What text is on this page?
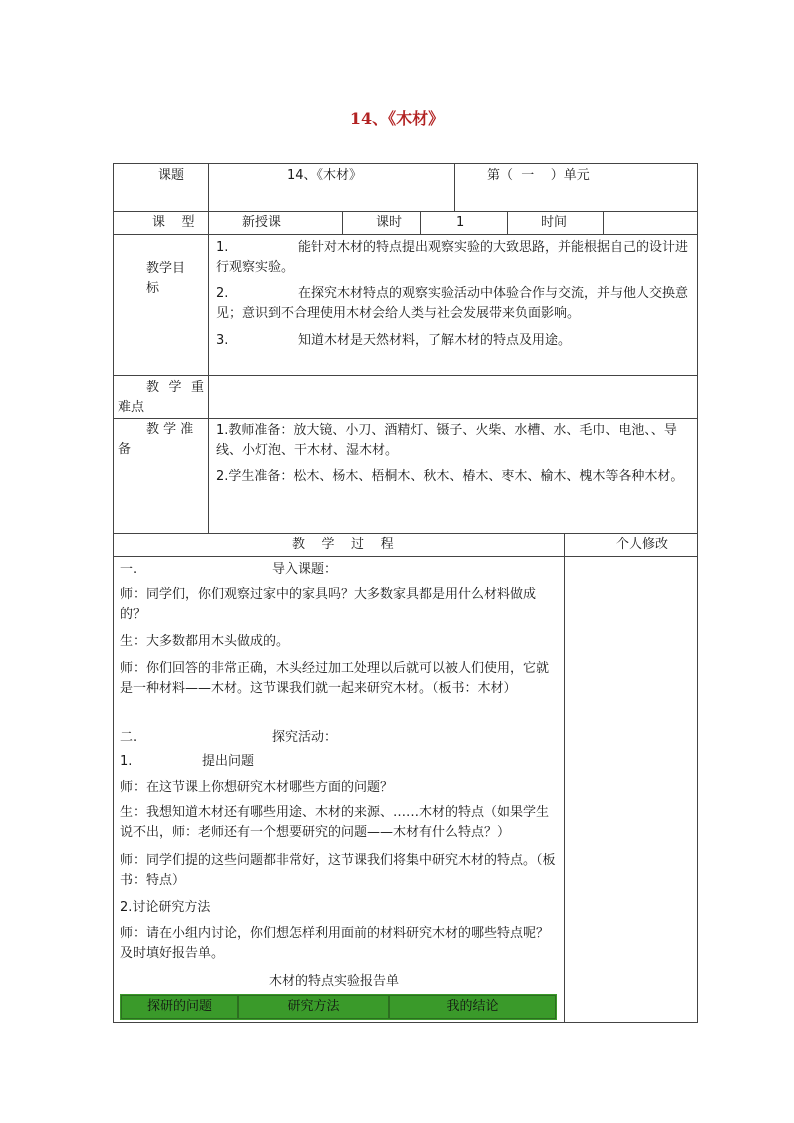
14、《木材》
课题	14、《木材》	第（  一    ）单元
课    型	新授课	课时	1	时间
教学目标
1.	能针对木材的特点提出观察实验的大致思路，并能根据自己的设计进行观察实验。
2.	在探究木材特点的观察实验活动中体验合作与交流，并与他人交换意见；意识到不合理使用木材会给人类与社会发展带来负面影响。
3.	知道木材是天然材料，了解木材的特点及用途。
教 学 重 难点
教 学 准 备
1.教师准备：放大镜、小刀、酒精灯、镊子、火柴、水槽、水、毛巾、电池、、导线、小灯泡、干木材、湿木材。
2.学生准备：松木、杨木、梧桐木、秋木、椿木、枣木、榆木、槐木等各种木材。
教    学    过    程	个人修改
一.	导入课题：
师：同学们，你们观察过家中的家具吗？大多数家具都是用什么材料做成的？
生：大多数都用木头做成的。
师：你们回答的非常正确，木头经过加工处理以后就可以被人们使用，它就是一种材料——木材。这节课我们就一起来研究木材。（板书：木材）
二.	探究活动：
1.	提出问题
师：在这节课上你想研究木材哪些方面的问题？
生：我想知道木材还有哪些用途、木材的来源、……木材的特点（如果学生说不出，师：老师还有一个想要研究的问题——木材有什么特点？）
师：同学们提的这些问题都非常好，这节课我们将集中研究木材的特点。（板书：特点）
2.讨论研究方法
师：请在小组内讨论，你们想怎样利用面前的材料研究木材的哪些特点呢？及时填好报告单。
木材的特点实验报告单
探研的问题	研究方法	我的结论
